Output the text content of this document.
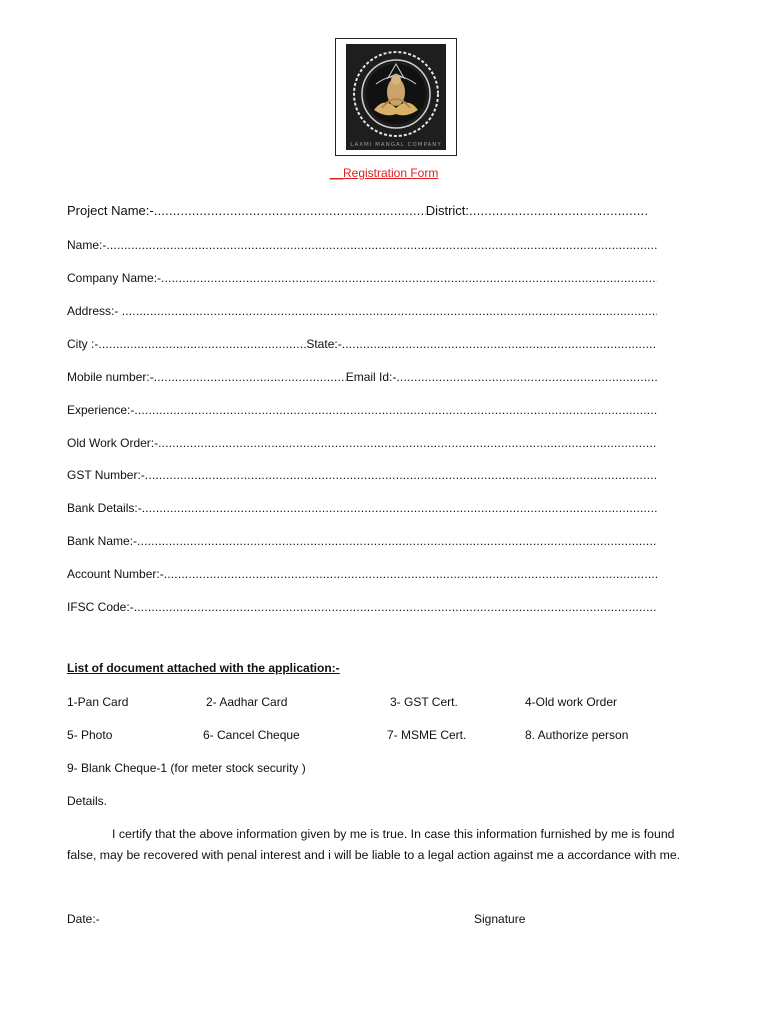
LAXMI MANGAL COMPANY
__Registration Form
Project Name:- .....	District:
.....
Name:-
.....
Company Name:-
.....
Address:-
.....
City :- .....	State:-
.....
Mobile number:- .....	Email Id:-
.....
Experience:-
.....
Old Work Order:-
.....
GST Number:-
.....
Bank Details:-
.....
Bank Name:-
.....
Account Number:-
.....
IFSC Code:-
.....
List of document attached with the application:-
1-Pan Card	2- Aadhar Card	3- GST Cert.	4-Old work Order
5- Photo	6- Cancel Cheque	7- MSME Cert.	8. Authorize person
9- Blank Cheque-1 (for meter stock security )
Details.
I certify that the above information given by me is true. In case this information furnished by me is found false, may be recovered with penal interest and i will be liable to a legal action against me a accordance with me.
Date:-	Signature
